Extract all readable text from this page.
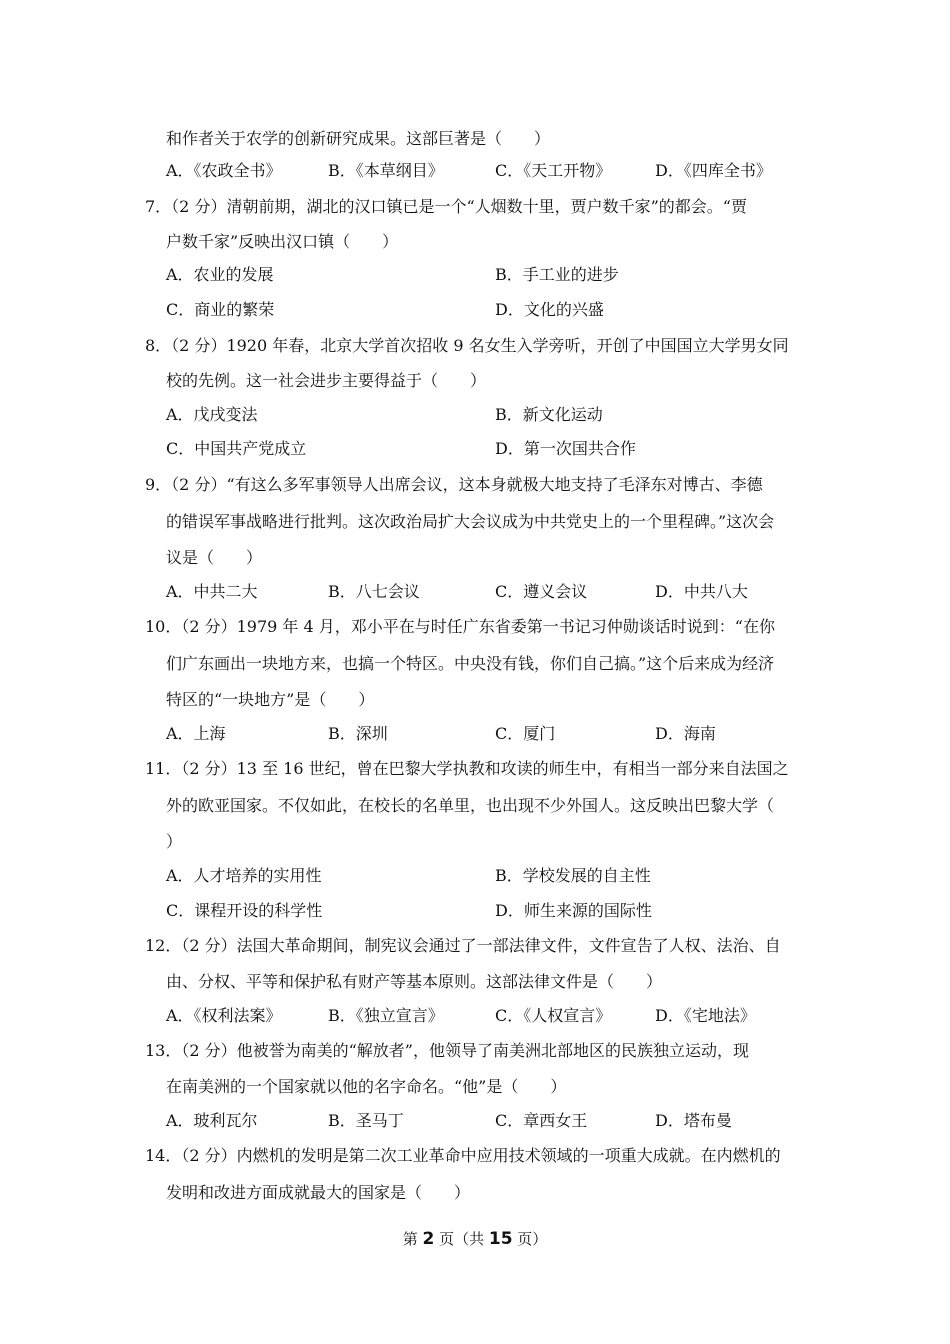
和作者关于农学的创新研究成果。这部巨著是（　　）
A．《农政全书》	B．《本草纲目》	C．《天工开物》	D．《四库全书》
7．（2 分）清朝前期，湖北的汉口镇已是一个“人烟数十里，贾户数千家”的都会。“贾
户数千家”反映出汉口镇（　　）
A．农业的发展	B．手工业的进步
C．商业的繁荣	D．文化的兴盛
8．（2 分）1920 年春，北京大学首次招收 9 名女生入学旁听，开创了中国国立大学男女同
校的先例。这一社会进步主要得益于（　　）
A．戊戌变法	B．新文化运动
C．中国共产党成立	D．第一次国共合作
9．（2 分）“有这么多军事领导人出席会议，这本身就极大地支持了毛泽东对博古、李德
的错误军事战略进行批判。这次政治局扩大会议成为中共党史上的一个里程碑。”这次会
议是（　　）
A．中共二大	B．八七会议	C．遵义会议	D．中共八大
10．（2 分）1979 年 4 月，邓小平在与时任广东省委第一书记习仲勋谈话时说到：“在你
们广东画出一块地方来，也搞一个特区。中央没有钱，你们自己搞。”这个后来成为经济
特区的“一块地方”是（　　）
A．上海	B．深圳	C．厦门	D．海南
11．（2 分）13 至 16 世纪，曾在巴黎大学执教和攻读的师生中，有相当一部分来自法国之
外的欧亚国家。不仅如此，在校长的名单里，也出现不少外国人。这反映出巴黎大学（
）
A．人才培养的实用性	B．学校发展的自主性
C．课程开设的科学性	D．师生来源的国际性
12．（2 分）法国大革命期间，制宪议会通过了一部法律文件，文件宣告了人权、法治、自
由、分权、平等和保护私有财产等基本原则。这部法律文件是（　　）
A．《权利法案》	B．《独立宣言》	C．《人权宣言》	D．《宅地法》
13．（2 分）他被誉为南美的“解放者”，他领导了南美洲北部地区的民族独立运动，现
在南美洲的一个国家就以他的名字命名。“他”是（　　）
A．玻利瓦尔	B．圣马丁	C．章西女王	D．塔布曼
14．（2 分）内燃机的发明是第二次工业革命中应用技术领域的一项重大成就。在内燃机的
发明和改进方面成就最大的国家是（　　）
第 2 页（共 15 页）
